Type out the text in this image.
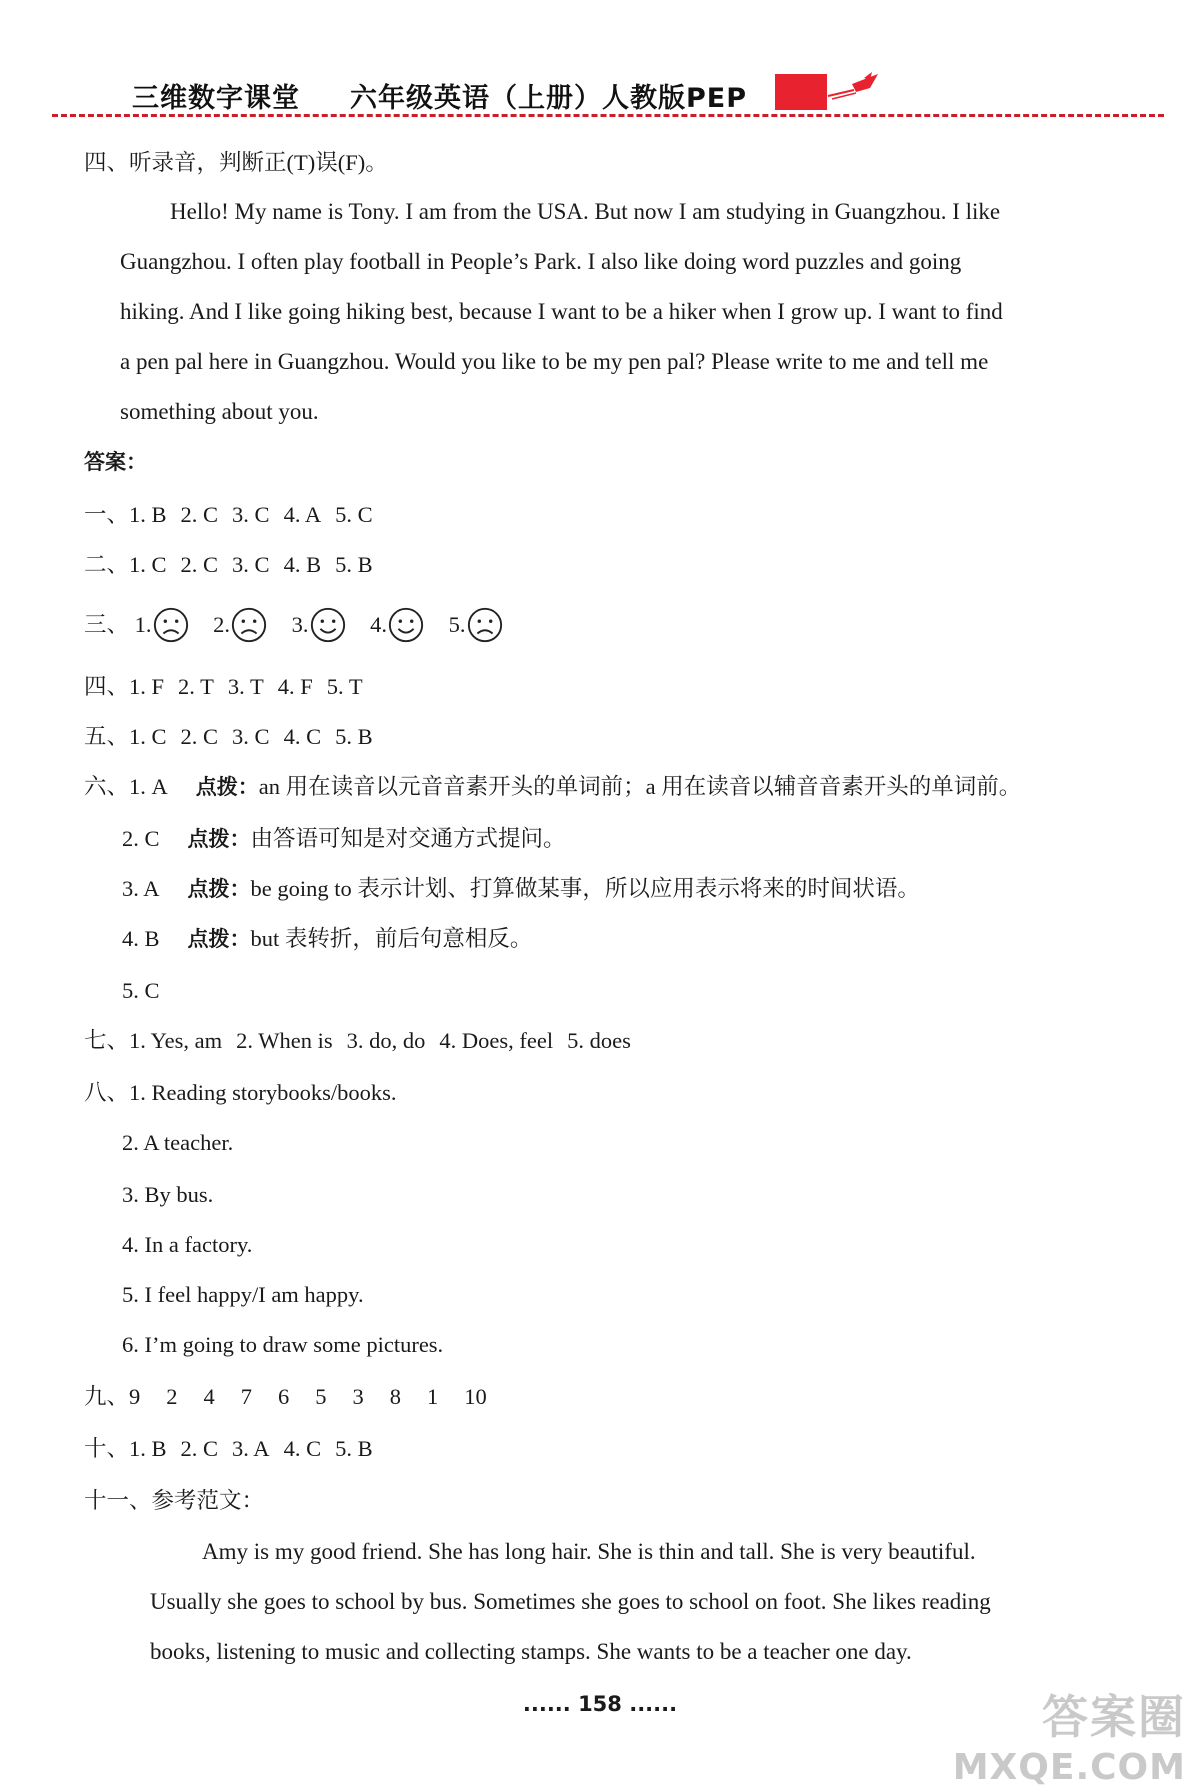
三维数字课堂 六年级英语（上册）人教版PEP
四、听录音，判断正(T)误(F)。
Hello! My name is Tony. I am from the USA. But now I am studying in Guangzhou. I like
Guangzhou. I often play football in People’s Park. I also like doing word puzzles and going
hiking. And I like going hiking best, because I want to be a hiker when I grow up. I want to find
a pen pal here in Guangzhou. Would you like to be my pen pal? Please write to me and tell me
something about you.
答案：
一、1. B 2. C 3. C 4. A 5. C
二、1. C 2. C 3. C 4. B 5. B
三、 1.	2.	3.	4.	5.
四、1. F 2. T 3. T 4. F 5. T
五、1. C 2. C 3. C 4. C 5. B
六、1. A 点拨：an 用在读音以元音音素开头的单词前；a 用在读音以辅音音素开头的单词前。
2. C 点拨：由答语可知是对交通方式提问。
3. A 点拨：be going to 表示计划、打算做某事，所以应用表示将来的时间状语。
4. B 点拨：but 表转折，前后句意相反。
5. C
七、1. Yes, am 2. When is 3. do, do 4. Does, feel 5. does
八、1. Reading storybooks/books.
2. A teacher.
3. By bus.
4. In a factory.
5. I feel happy/I am happy.
6. I’m going to draw some pictures.
九、9 2 4 7 6 5 3 8 1 10
十、1. B 2. C 3. A 4. C 5. B
十一、参考范文：
Amy is my good friend. She has long hair. She is thin and tall. She is very beautiful.
Usually she goes to school by bus. Sometimes she goes to school on foot. She likes reading
books, listening to music and collecting stamps. She wants to be a teacher one day.
...... 158 ......	答案圈
MXQE.COM
